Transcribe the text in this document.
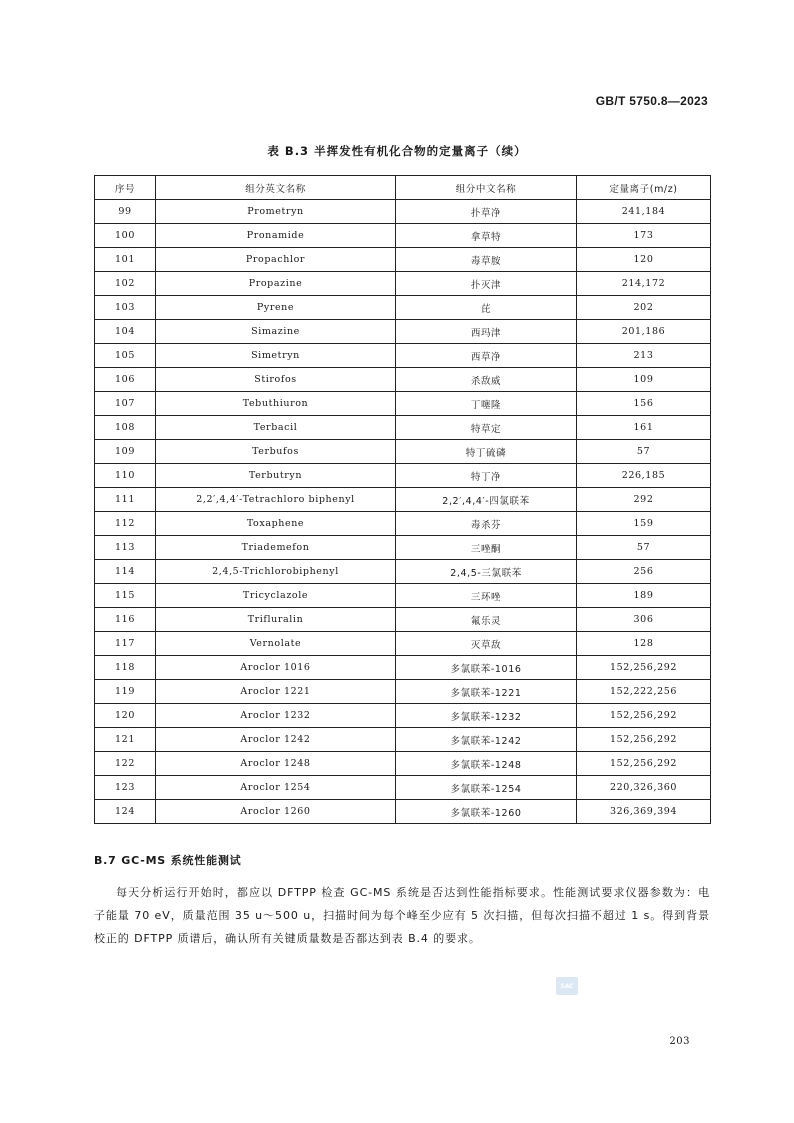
GB/T 5750.8—2023
表 B.3 半挥发性有机化合物的定量离子（续）
序号	组分英文名称	组分中文名称	定量离子(m/z)
99	Prometryn	扑草净	241,184
100	Pronamide	拿草特	173
101	Propachlor	毒草胺	120
102	Propazine	扑灭津	214,172
103	Pyrene	芘	202
104	Simazine	西玛津	201,186
105	Simetryn	西草净	213
106	Stirofos	杀敌威	109
107	Tebuthiuron	丁噻隆	156
108	Terbacil	特草定	161
109	Terbufos	特丁硫磷	57
110	Terbutryn	特丁净	226,185
111	2,2′,4,4′-Tetrachloro biphenyl	2,2′,4,4′-四氯联苯	292
112	Toxaphene	毒杀芬	159
113	Triademefon	三唑酮	57
114	2,4,5-Trichlorobiphenyl	2,4,5-三氯联苯	256
115	Tricyclazole	三环唑	189
116	Trifluralin	氟乐灵	306
117	Vernolate	灭草敌	128
118	Aroclor 1016	多氯联苯-1016	152,256,292
119	Aroclor 1221	多氯联苯-1221	152,222,256
120	Aroclor 1232	多氯联苯-1232	152,256,292
121	Aroclor 1242	多氯联苯-1242	152,256,292
122	Aroclor 1248	多氯联苯-1248	152,256,292
123	Aroclor 1254	多氯联苯-1254	220,326,360
124	Aroclor 1260	多氯联苯-1260	326,369,394
B.7 GC-MS 系统性能测试

每天分析运行开始时，都应以 DFTPP 检查 GC-MS 系统是否达到性能指标要求。性能测试要求仪器参数为：电子能量 70 eV，质量范围 35 u～500 u，扫描时间为每个峰至少应有 5 次扫描，但每次扫描不超过 1 s。得到背景校正的 DFTPP 质谱后，确认所有关键质量数是否都达到表 B.4 的要求。

SAC
203
